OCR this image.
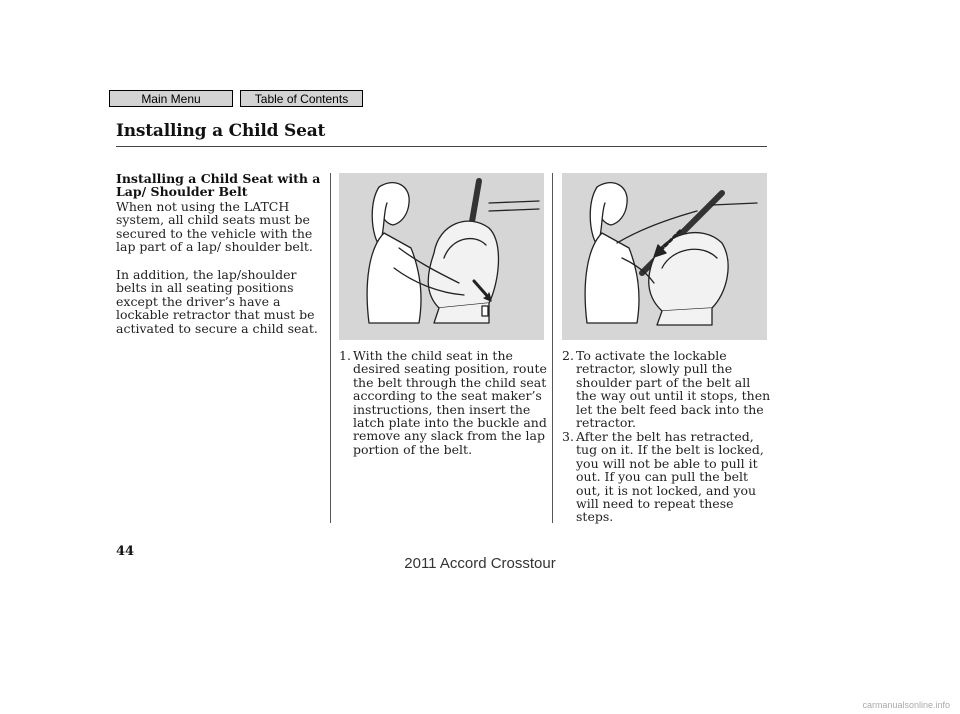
Main Menu	Table of Contents
Installing a Child Seat
Installing a Child Seat with a Lap/ Shoulder Belt
When not using the LATCH system, all child seats must be secured to the vehicle with the lap part of a lap/ shoulder belt.
In addition, the lap/shoulder belts in all seating positions except the driver’s have a lockable retractor that must be activated to secure a child seat.
1. With the child seat in the desired seating position, route the belt through the child seat according to the seat maker’s instructions, then insert the latch plate into the buckle and remove any slack from the lap portion of the belt.
2. To activate the lockable retractor, slowly pull the shoulder part of the belt all the way out until it stops, then let the belt feed back into the retractor.
3. After the belt has retracted, tug on it. If the belt is locked, you will not be able to pull it out. If you can pull the belt out, it is not locked, and you will need to repeat these steps.
44
2011 Accord Crosstour
carmanualsonline.info
